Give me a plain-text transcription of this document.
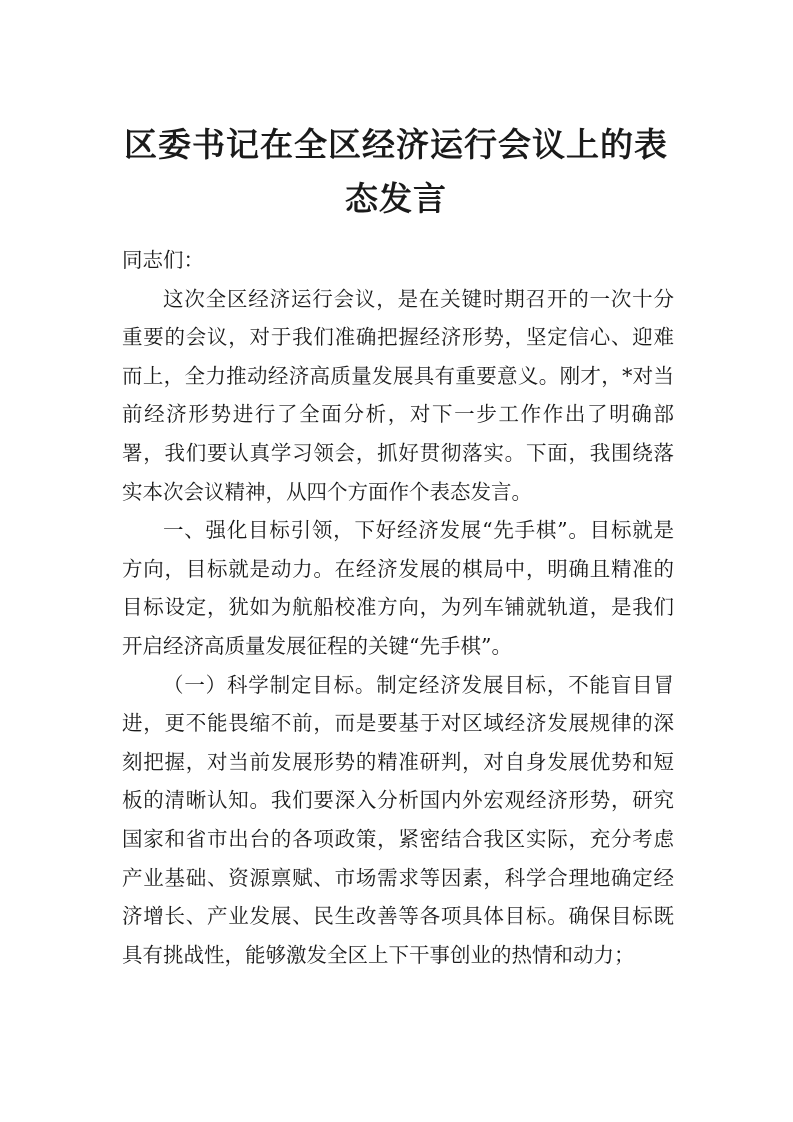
区委书记在全区经济运行会议上的表态发言

同志们：

这次全区经济运行会议，是在关键时期召开的一次十分重要的会议，对于我们准确把握经济形势，坚定信心、迎难而上，全力推动经济高质量发展具有重要意义。刚才，*对当前经济形势进行了全面分析，对下一步工作作出了明确部署，我们要认真学习领会，抓好贯彻落实。下面，我围绕落实本次会议精神，从四个方面作个表态发言。

一、强化目标引领，下好经济发展“先手棋”。目标就是方向，目标就是动力。在经济发展的棋局中，明确且精准的目标设定，犹如为航船校准方向，为列车铺就轨道，是我们开启经济高质量发展征程的关键“先手棋”。

（一）科学制定目标。制定经济发展目标，不能盲目冒进，更不能畏缩不前，而是要基于对区域经济发展规律的深刻把握，对当前发展形势的精准研判，对自身发展优势和短板的清晰认知。我们要深入分析国内外宏观经济形势，研究国家和省市出台的各项政策，紧密结合我区实际，充分考虑产业基础、资源禀赋、市场需求等因素，科学合理地确定经济增长、产业发展、民生改善等各项具体目标。确保目标既具有挑战性，能够激发全区上下干事创业的热情和动力；
